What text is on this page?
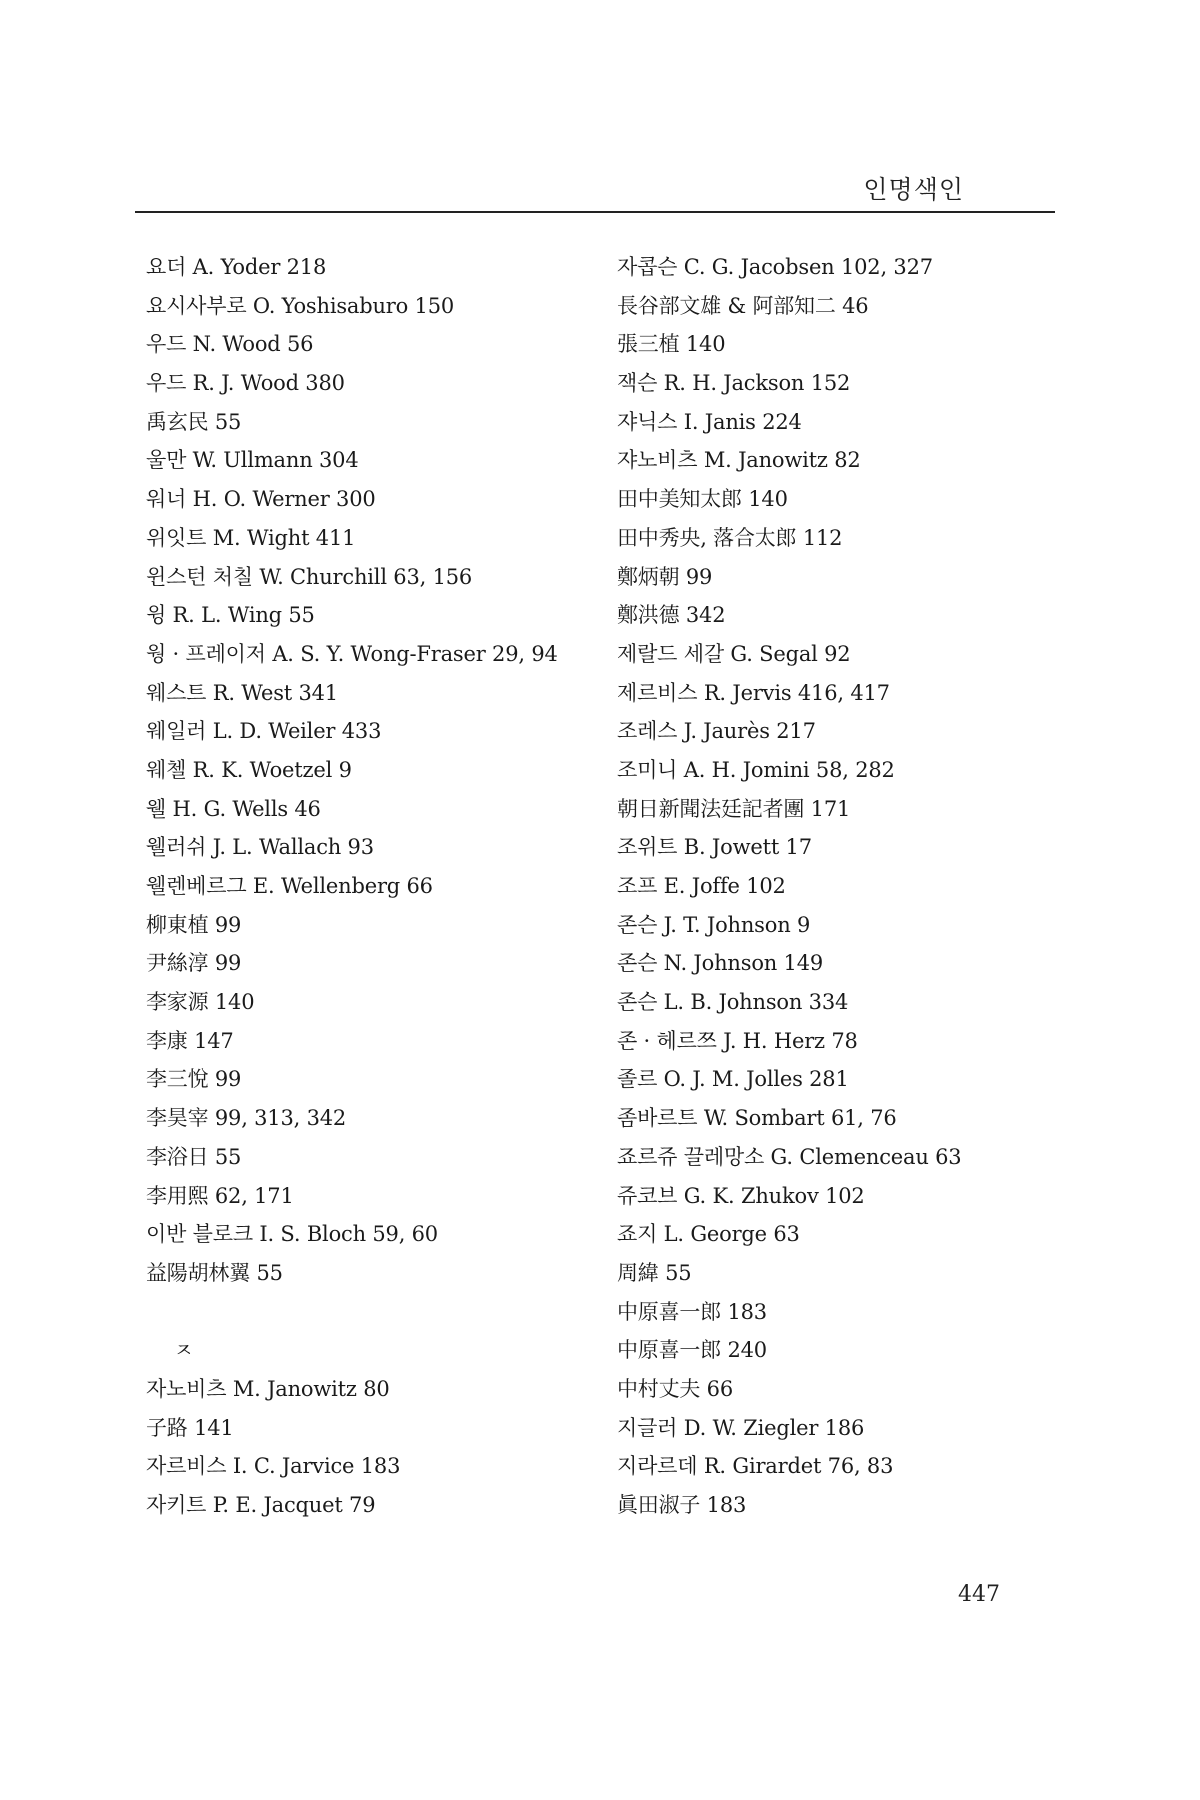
인명색인
요더 A. Yoder 218
요시사부로 O. Yoshisaburo 150
우드 N. Wood 56
우드 R. J. Wood 380
禹玄民 55
울만 W. Ullmann 304
워너 H. O. Werner 300
위잇트 M. Wight 411
윈스턴 처칠 W. Churchill 63, 156
윙 R. L. Wing 55
웡 · 프레이저 A. S. Y. Wong-Fraser 29, 94
웨스트 R. West 341
웨일러 L. D. Weiler 433
웨첼 R. K. Woetzel 9
웰 H. G. Wells 46
웰러쉬 J. L. Wallach 93
웰렌베르그 E. Wellenberg 66
柳東植 99
尹絲淳 99
李家源 140
李康 147
李三悅 99
李昊宰 99, 313, 342
李浴日 55
李用熙 62, 171
이반 블로크 I. S. Bloch 59, 60
益陽胡林翼 55
ㅈ
자노비츠 M. Janowitz 80
子路 141
자르비스 I. C. Jarvice 183
자키트 P. E. Jacquet 79
자콥슨 C. G. Jacobsen 102, 327
長谷部文雄 & 阿部知二 46
張三植 140
잭슨 R. H. Jackson 152
쟈닉스 I. Janis 224
쟈노비츠 M. Janowitz 82
田中美知太郎 140
田中秀央, 落合太郎 112
鄭炳朝 99
鄭洪德 342
제랄드 세갈 G. Segal 92
제르비스 R. Jervis 416, 417
조레스 J. Jaurès 217
조미니 A. H. Jomini 58, 282
朝日新聞法廷記者團 171
조위트 B. Jowett 17
조프 E. Joffe 102
존슨 J. T. Johnson 9
존슨 N. Johnson 149
존슨 L. B. Johnson 334
존 · 헤르쯔 J. H. Herz 78
졸르 O. J. M. Jolles 281
좀바르트 W. Sombart 61, 76
죠르쥬 끌레망소 G. Clemenceau 63
쥬코브 G. K. Zhukov 102
죠지 L. George 63
周緯 55
中原喜一郎 183
中原喜一郎 240
中村丈夫 66
지글러 D. W. Ziegler 186
지라르데 R. Girardet 76, 83
眞田淑子 183
447
